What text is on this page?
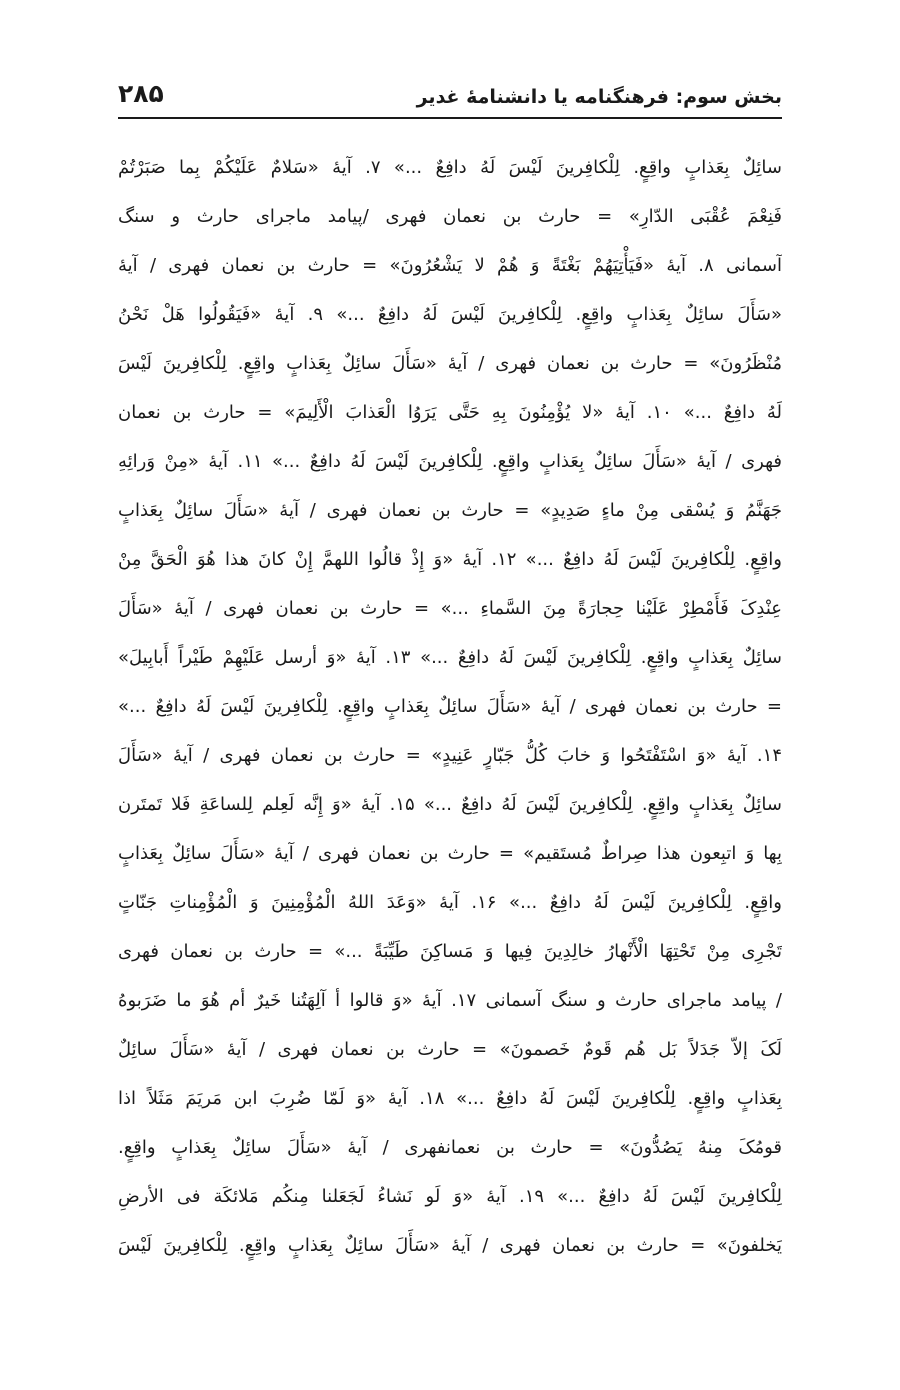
بخش سوم: فرهنگنامه یا دانشنامهٔ غدیر
۲۸۵
سائِلٌ بِعَذابٍ واقِعٍ. لِلْکافِرینَ لَیْسَ لَهُ دافِعٌ ...» ۷. آیهٔ «سَلامٌ عَلَیْکُمْ بِما صَبَرْتُمْ
فَنِعْمَ عُقْبَی الدّارِ» = حارث بن نعمان فهری /پیامد ماجرای حارث و سنگ
آسمانی ۸. آیهٔ «فَیَأْتِیَهُمْ بَغْتَةً وَ هُمْ لا یَشْعُرُونَ» = حارث بن نعمان فهری / آیهٔ
«سَأَلَ سائِلٌ بِعَذابٍ واقِعٍ. لِلْکافِرینَ لَیْسَ لَهُ دافِعٌ ...» ۹. آیهٔ «فَیَقُولُوا هَلْ نَحْنُ
مُنْظَرُونَ» = حارث بن نعمان فهری / آیهٔ «سَأَلَ سائِلٌ بِعَذابٍ واقِعٍ. لِلْکافِرینَ لَیْسَ
لَهُ دافِعٌ ...» ۱۰. آیهٔ «لا یُؤْمِنُونَ بِهِ حَتَّی یَرَوُا الْعَذابَ الْأَلِیمَ» = حارث بن نعمان
فهری / آیهٔ «سَأَلَ سائِلٌ بِعَذابٍ واقِعٍ. لِلْکافِرینَ لَیْسَ لَهُ دافِعٌ ...» ۱۱. آیهٔ «مِنْ وَرائِهِ
جَهَنَّمُ وَ یُسْقی مِنْ ماءٍ صَدِیدٍ» = حارث بن نعمان فهری / آیهٔ «سَأَلَ سائِلٌ بِعَذابٍ
واقِعٍ. لِلْکافِرینَ لَیْسَ لَهُ دافِعٌ ...» ۱۲. آیهٔ «وَ إِذْ قالُوا اللهمَّ إِنْ کانَ هذا هُوَ الْحَقَّ مِنْ
عِنْدِکَ فَأَمْطِرْ عَلَیْنا حِجارَةً مِنَ السَّماءِ ...» = حارث بن نعمان فهری / آیهٔ «سَأَلَ
سائِلٌ بِعَذابٍ واقِعٍ. لِلْکافِرینَ لَیْسَ لَهُ دافِعٌ ...» ۱۳. آیهٔ «وَ أرسل عَلَیْهِمْ طَیْراً أَبابِیلَ»
= حارث بن نعمان فهری / آیهٔ «سَأَلَ سائِلٌ بِعَذابٍ واقِعٍ. لِلْکافِرینَ لَیْسَ لَهُ دافِعٌ ...»
۱۴. آیهٔ «وَ اسْتَفْتَحُوا وَ خابَ کُلُّ جَبّارٍ عَنِیدٍ» = حارث بن نعمان فهری / آیهٔ «سَأَلَ
سائِلٌ بِعَذابٍ واقِعٍ. لِلْکافِرینَ لَیْسَ لَهُ دافِعٌ ...» ۱۵. آیهٔ «وَ إِنَّه لَعِلم لِلساعَةِ فَلا تَمتَرن
بِها وَ اتبِعون هذا صِراطٌ مُستَقیم» = حارث بن نعمان فهری / آیهٔ «سَأَلَ سائِلٌ بِعَذابٍ
واقِعٍ. لِلْکافِرینَ لَیْسَ لَهُ دافِعٌ ...» ۱۶. آیهٔ «وَعَدَ اللهُ الْمُؤْمِنِینَ وَ الْمُؤْمِناتِ جَنّاتٍ
تَجْرِی مِنْ تَحْتِهَا الْأَنْهارُ خالِدِینَ فِیها وَ مَساکِنَ طَیِّبَةً ...» = حارث بن نعمان فهری
/ پیامد ماجرای حارث و سنگ آسمانی ۱۷. آیهٔ «وَ قالوا أ آلِهَتُنا خَیرٌ أم هُوَ ما ضَرَبوهُ
لَکَ إلاّ جَدَلاً بَل هُم قَومٌ خَصمونَ» = حارث بن نعمان فهری / آیهٔ «سَأَلَ سائِلٌ
بِعَذابٍ واقِعٍ. لِلْکافِرینَ لَیْسَ لَهُ دافِعٌ ...» ۱۸. آیهٔ «وَ لَمّا ضُرِبَ ابن مَریَمَ مَثَلاً اذا
قومُکَ مِنهُ یَصُدُّونَ» = حارث بن نعمانفهری / آیهٔ «سَأَلَ سائِلٌ بِعَذابٍ واقِعٍ.
لِلْکافِرینَ لَیْسَ لَهُ دافِعٌ ...» ۱۹. آیهٔ «وَ لَو نَشاءُ لَجَعَلنا مِنکُم مَلائکَة فی الأرضِ
یَخلفونَ» = حارث بن نعمان فهری / آیهٔ «سَأَلَ سائِلٌ بِعَذابٍ واقِعٍ. لِلْکافِرینَ لَیْسَ
